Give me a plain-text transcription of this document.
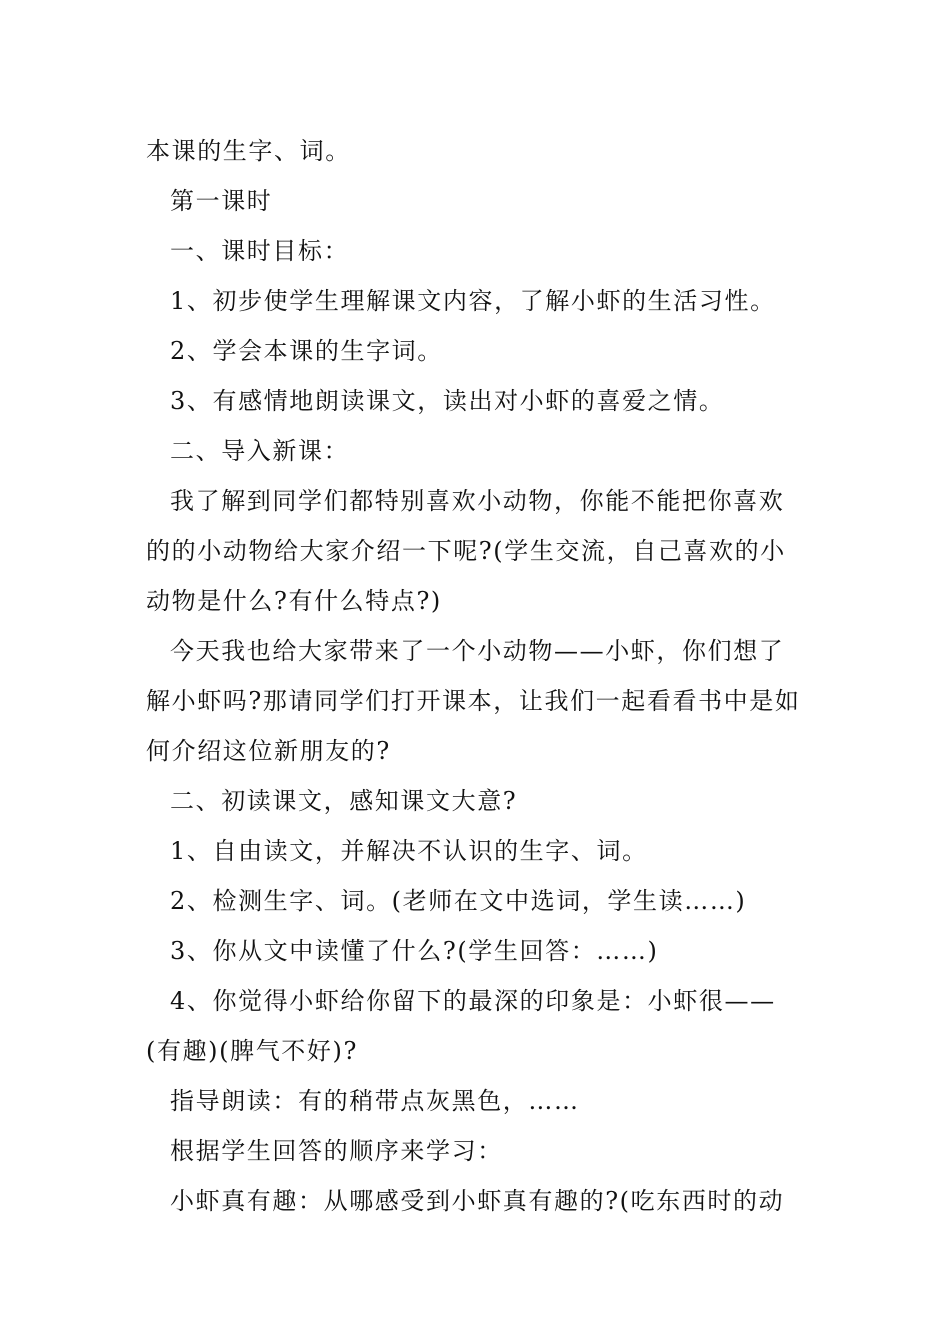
本课的生字、词。
第一课时
一、课时目标：
1、初步使学生理解课文内容，了解小虾的生活习性。
2、学会本课的生字词。
3、有感情地朗读课文，读出对小虾的喜爱之情。
二、导入新课：
我了解到同学们都特别喜欢小动物，你能不能把你喜欢
的的小动物给大家介绍一下呢?(学生交流，自己喜欢的小
动物是什么?有什么特点?)
今天我也给大家带来了一个小动物——小虾，你们想了
解小虾吗?那请同学们打开课本，让我们一起看看书中是如
何介绍这位新朋友的?
二、初读课文，感知课文大意?
1、自由读文，并解决不认识的生字、词。
2、检测生字、词。(老师在文中选词，学生读……)
3、你从文中读懂了什么?(学生回答：……)
4、你觉得小虾给你留下的最深的印象是：小虾很——
(有趣)(脾气不好)?
指导朗读：有的稍带点灰黑色，……
根据学生回答的顺序来学习：
小虾真有趣：从哪感受到小虾真有趣的?(吃东西时的动
